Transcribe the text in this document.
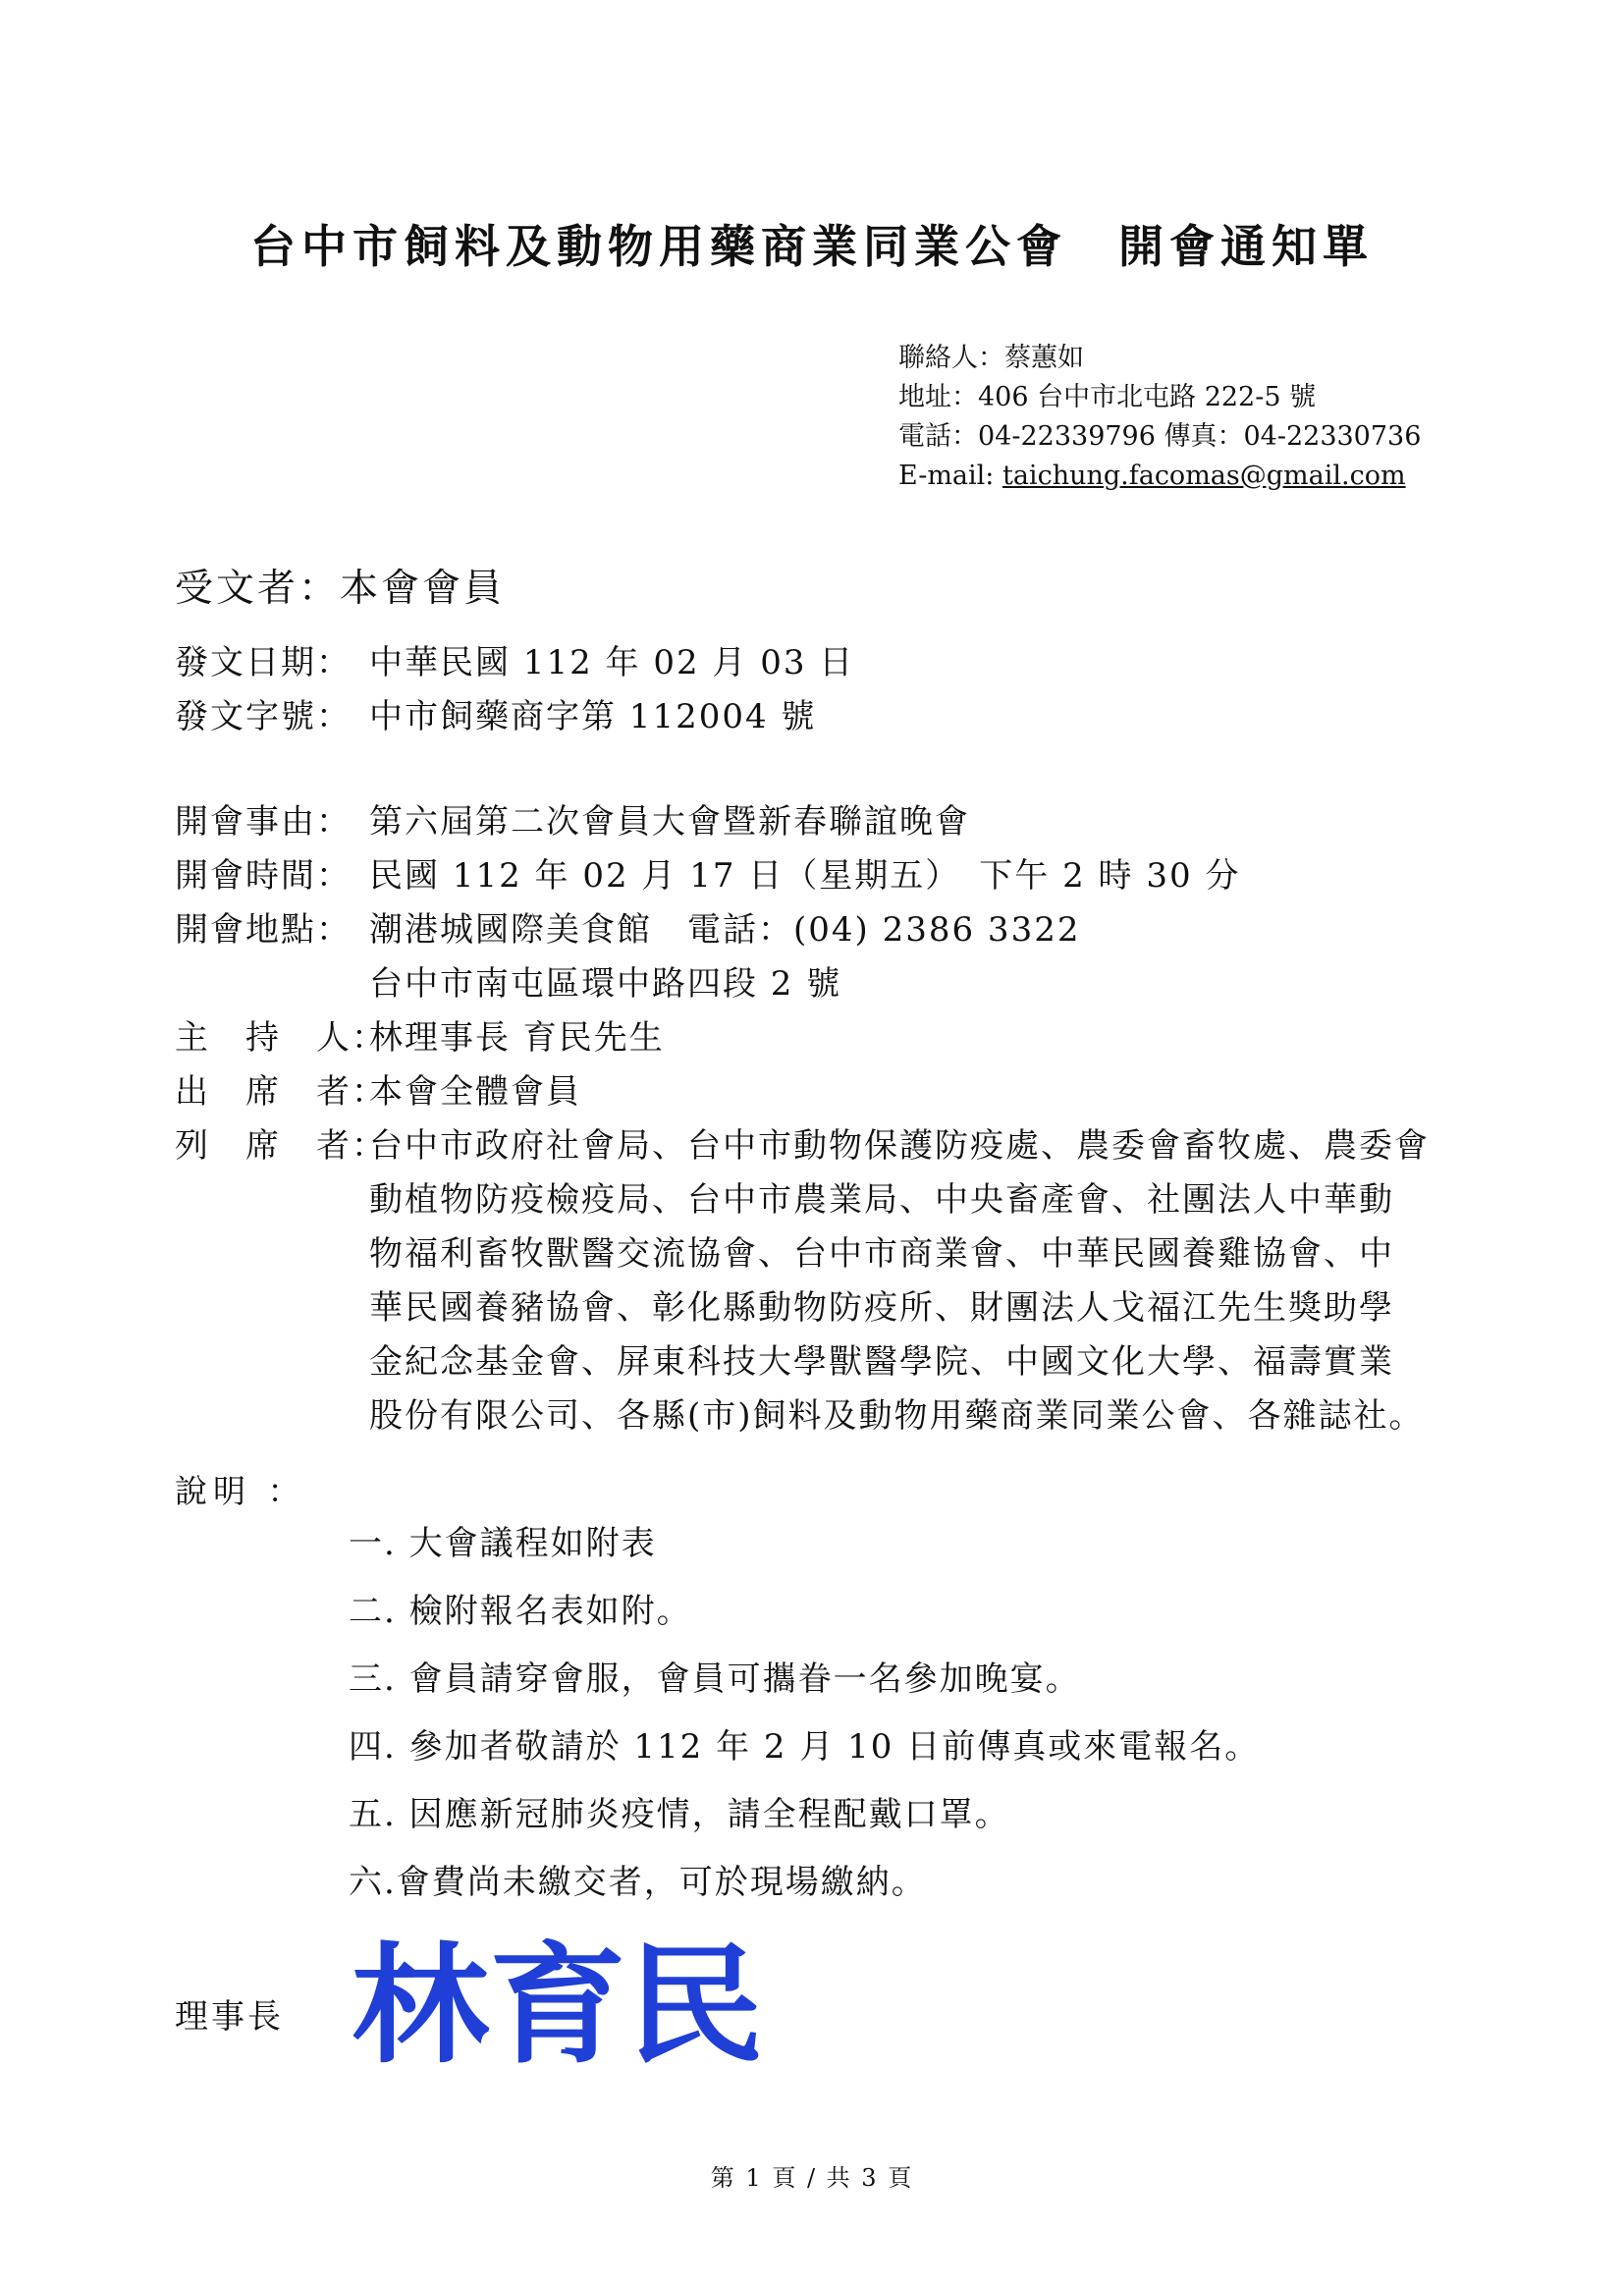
台中市飼料及動物用藥商業同業公會　開會通知單
聯絡人：蔡蕙如
地址：406 台中市北屯路 222-5 號
電話：04-22339796 傳真：04-22330736
E-mail: taichung.facomas@gmail.com
受文者：本會會員
發文日期： 中華民國 112 年 02 月 03 日
發文字號： 中市飼藥商字第 112004 號
開會事由： 第六屆第二次會員大會暨新春聯誼晚會
開會時間： 民國 112 年 02 月 17 日（星期五）　下午 2 時 30 分
開會地點： 潮港城國際美食館　電話：(04) 2386 3322
台中市南屯區環中路四段 2 號
主　持　人：
林理事長 育民先生
出　席　者：
本會全體會員
列　席　者：
台中市政府社會局、台中市動物保護防疫處、農委會畜牧處、農委會
動植物防疫檢疫局、台中市農業局、中央畜產會、社團法人中華動
物福利畜牧獸醫交流協會、台中市商業會、中華民國養雞協會、中
華民國養豬協會、彰化縣動物防疫所、財團法人戈福江先生獎助學
金紀念基金會、屏東科技大學獸醫學院、中國文化大學、福壽實業
股份有限公司、各縣(市)飼料及動物用藥商業同業公會、各雜誌社。
說明 ：
一. 大會議程如附表
二. 檢附報名表如附。
三. 會員請穿會服，會員可攜眷一名參加晚宴。
四. 參加者敬請於 112 年 2 月 10 日前傳真或來電報名。
五. 因應新冠肺炎疫情，請全程配戴口罩。
六.會費尚未繳交者，可於現場繳納。
理事長 林育民
第 1 頁 / 共 3 頁
